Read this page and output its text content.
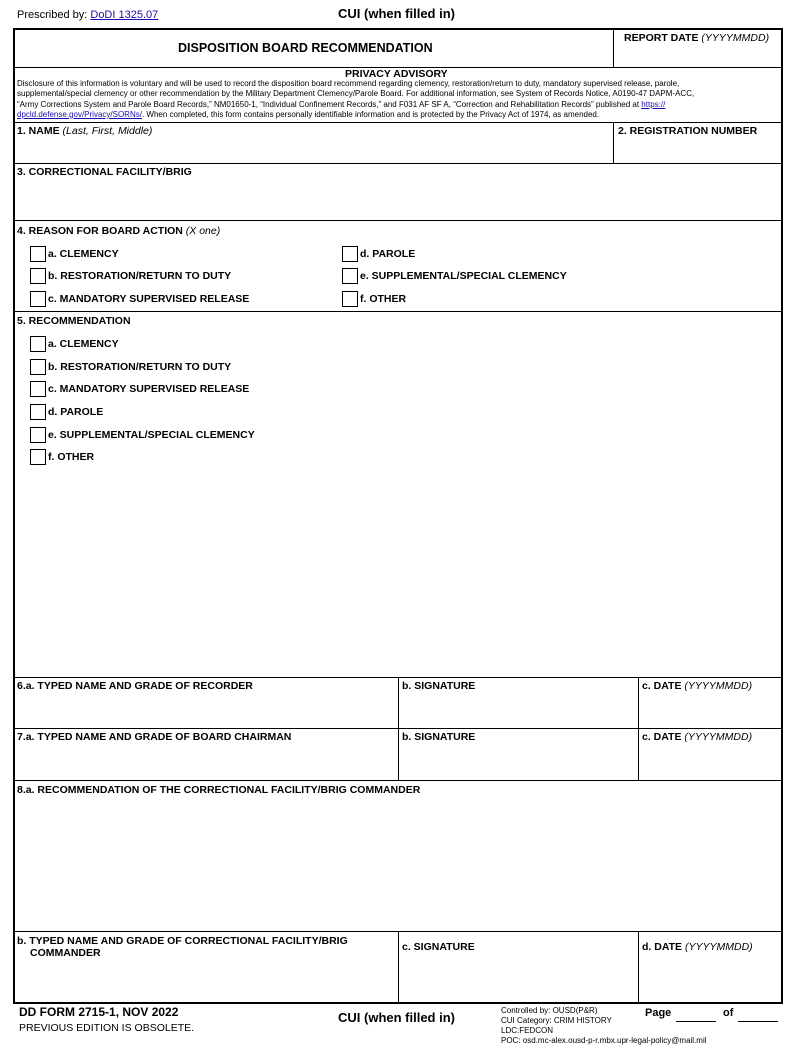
Prescribed by: DoDI 1325.07	CUI (when filled in)
DISPOSITION BOARD RECOMMENDATION
REPORT DATE (YYYYMMDD)
PRIVACY ADVISORY
Disclosure of this information is voluntary and will be used to record the disposition board recommend regarding clemency, restoration/return to duty, mandatory supervised release, parole,
supplemental/special clemency or other recommendation by the Military Department Clemency/Parole Board. For additional information, see System of Records Notice, A0190-47 DAPM-ACC,
“Army Corrections System and Parole Board Records,” NM01650-1, “Individual Confinement Records,” and F031 AF SF A, “Correction and Rehabilitation Records” published at https://
dpcld.defense.gov/Privacy/SORNs/. When completed, this form contains personally identifiable information and is protected by the Privacy Act of 1974, as amended.
1. NAME (Last, First, Middle)	2. REGISTRATION NUMBER
3. CORRECTIONAL FACILITY/BRIG
4. REASON FOR BOARD ACTION (X one)
a. CLEMENCY
b. RESTORATION/RETURN TO DUTY
c. MANDATORY SUPERVISED RELEASE
d. PAROLE
e. SUPPLEMENTAL/SPECIAL CLEMENCY
f. OTHER
5. RECOMMENDATION
a. CLEMENCY
b. RESTORATION/RETURN TO DUTY
c. MANDATORY SUPERVISED RELEASE
d. PAROLE
e. SUPPLEMENTAL/SPECIAL CLEMENCY
f. OTHER
6.a. TYPED NAME AND GRADE OF RECORDER	b. SIGNATURE	c. DATE (YYYYMMDD)
7.a. TYPED NAME AND GRADE OF BOARD CHAIRMAN	b. SIGNATURE	c. DATE (YYYYMMDD)
8.a. RECOMMENDATION OF THE CORRECTIONAL FACILITY/BRIG COMMANDER
b. TYPED NAME AND GRADE OF CORRECTIONAL FACILITY/BRIG
COMMANDER	c. SIGNATURE	d. DATE (YYYYMMDD)
DD FORM 2715-1, NOV 2022
PREVIOUS EDITION IS OBSOLETE.
CUI (when filled in)	Controlled by: OUSD(P&R)
CUI Category: CRIM HISTORY
LDC:FEDCON
POC: osd.mc-alex.ousd-p-r.mbx.upr-legal-policy@mail.mil
Page	of
